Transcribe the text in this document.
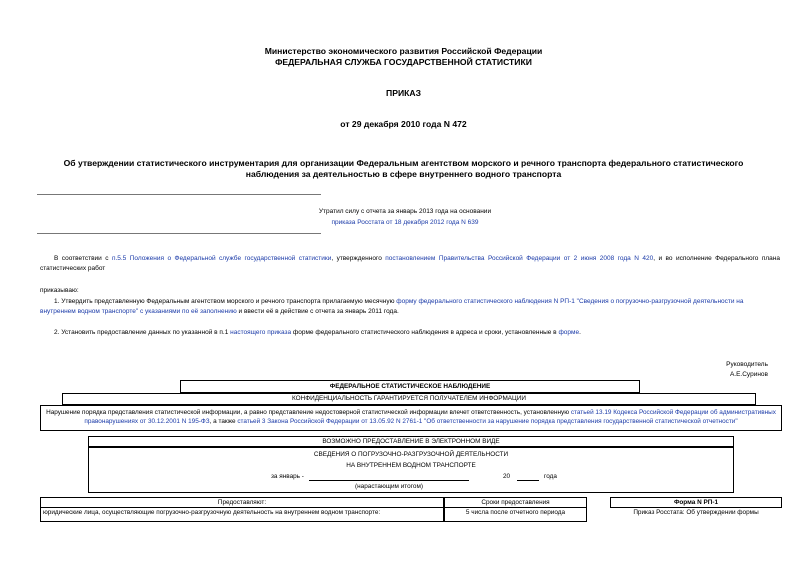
Министерство экономического развития Российской Федерации
ФЕДЕРАЛЬНАЯ СЛУЖБА ГОСУДАРСТВЕННОЙ СТАТИСТИКИ
ПРИКАЗ
от 29 декабря 2010 года N 472
Об утверждении статистического инструментария для организации Федеральным агентством морского и речного транспорта федерального статистического наблюдения за деятельностью в сфере внутреннего водного транспорта
Утратил силу с отчета за январь 2013 года на основании
приказа Росстата от 18 декабря 2012 года N 639
В соответствии с п.5.5 Положения о Федеральной службе государственной статистики, утвержденного постановлением Правительства Российской Федерации от 2 июня 2008 года N 420, и во исполнение Федерального плана статистических работ
приказываю:
1. Утвердить представленную Федеральным агентством морского и речного транспорта прилагаемую месячную форму федерального статистического наблюдения N РП-1 "Сведения о погрузочно-разгрузочной деятельности на внутреннем водном транспорте" с указаниями по её заполнению и ввести её в действие с отчета за январь 2011 года.
2. Установить предоставление данных по указанной в п.1 настоящего приказа форме федерального статистического наблюдения в адреса и сроки, установленные в форме.
Руководитель
А.Е.Суринов
ФЕДЕРАЛЬНОЕ СТАТИСТИЧЕСКОЕ НАБЛЮДЕНИЕ
КОНФИДЕНЦИАЛЬНОСТЬ ГАРАНТИРУЕТСЯ ПОЛУЧАТЕЛЕМ ИНФОРМАЦИИ
Нарушение порядка представления статистической информации, а равно представление недостоверной статистической информации влечет ответственность, установленную статьей 13.19 Кодекса Российской Федерации об административных правонарушениях от 30.12.2001 N 195-ФЗ, а также статьей 3 Закона Российской Федерации от 13.05.92 N 2761-1 "Об ответственности за нарушение порядка представления государственной статистической отчетности"
ВОЗМОЖНО ПРЕДОСТАВЛЕНИЕ В ЭЛЕКТРОННОМ ВИДЕ
СВЕДЕНИЯ О ПОГРУЗОЧНО-РАЗГРУЗОЧНОЙ ДЕЯТЕЛЬНОСТИ
НА ВНУТРЕННЕМ ВОДНОМ ТРАНСПОРТЕ
за январь -	20	года
(нарастающим итогом)
Предоставляют:	Сроки предоставления	Форма N РП-1
юридические лица, осуществляющие погрузочно-разгрузочную деятельность на внутреннем водном транспорте:	5 числа после отчетного периода	Приказ Росстата: Об утверждении формы
